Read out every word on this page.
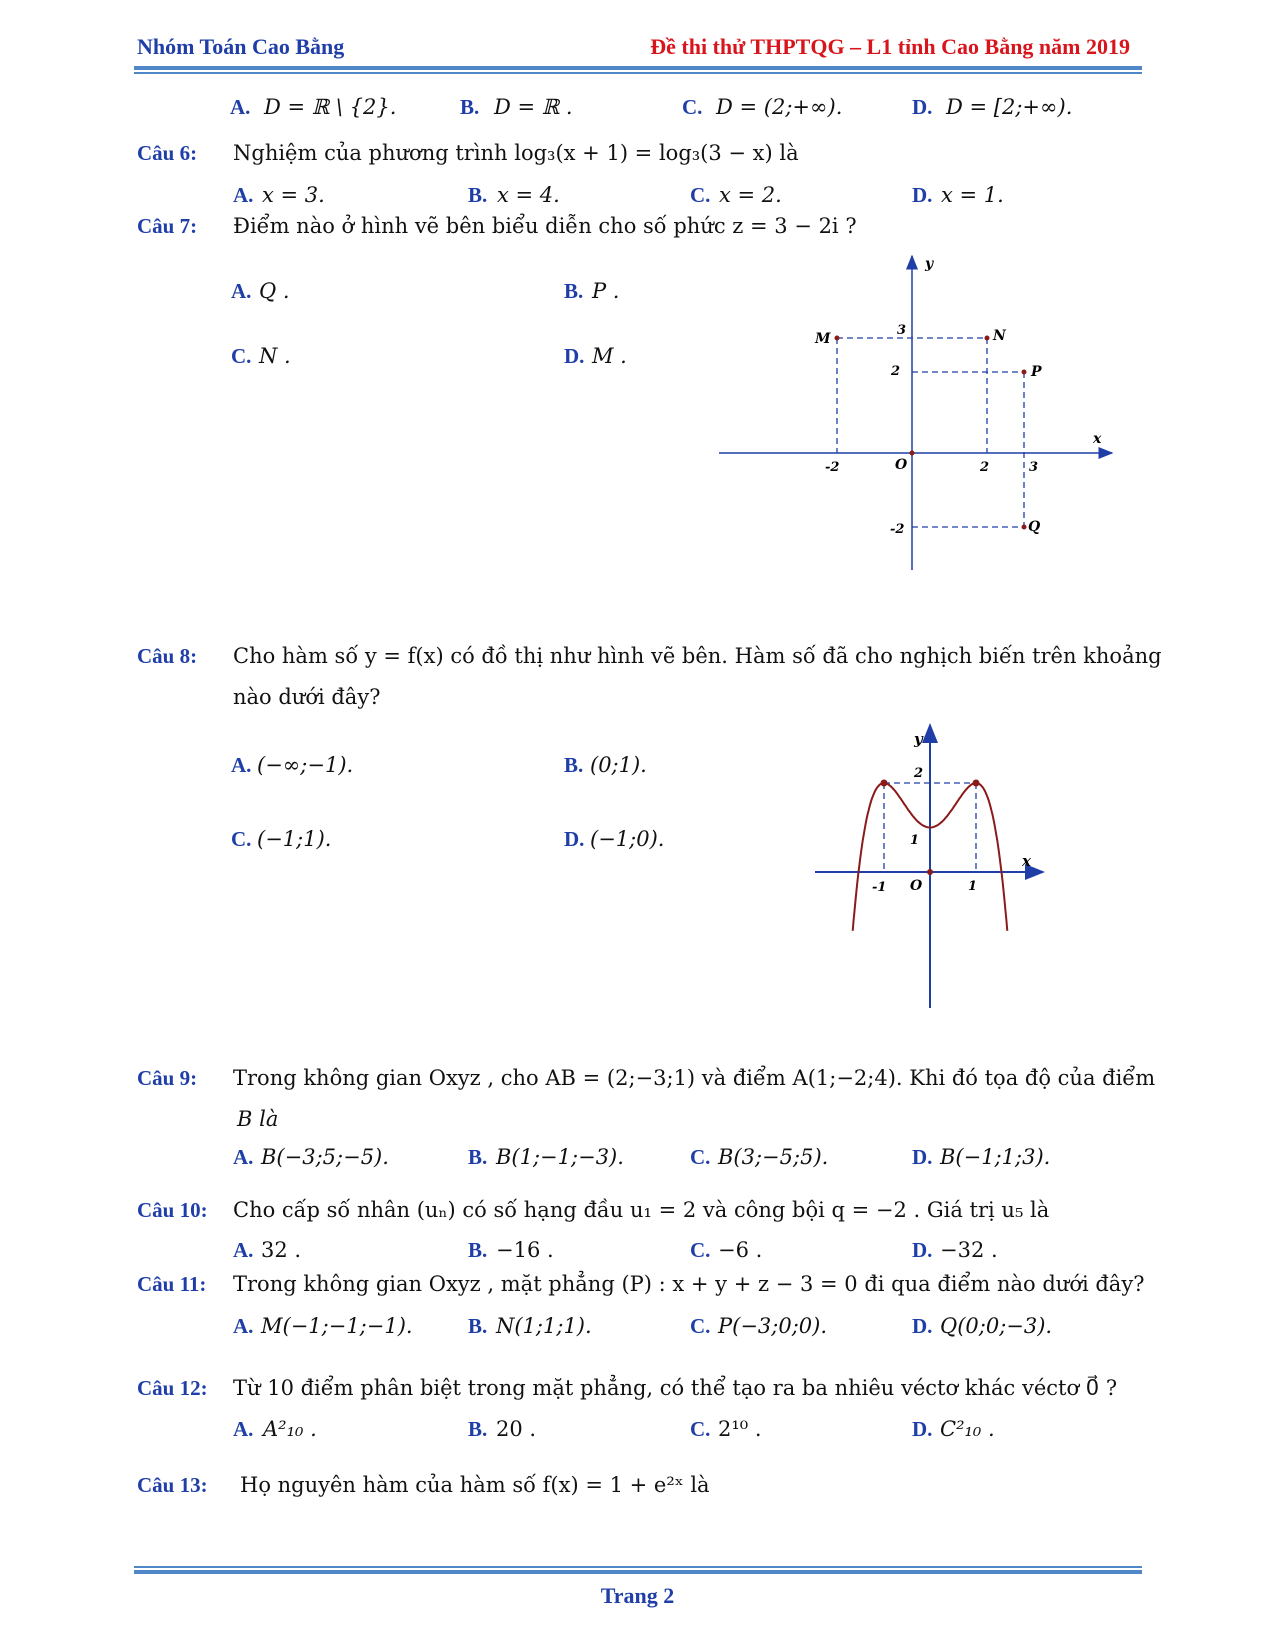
Nhóm Toán Cao Bằng	Đề thi thử THPTQG – L1 tỉnh Cao Bằng năm 2019
A. D = ℝ \ {2}.	B. D = ℝ .	C. D = (2;+∞).	D. D = [2;+∞).
Câu 6: Nghiệm của phương trình log₃(x + 1) = log₃(3 − x) là
A. x = 3.	B. x = 4.	C. x = 2.	D. x = 1.
Câu 7: Điểm nào ở hình vẽ bên biểu diễn cho số phức z = 3 − 2i ?
A. Q .	B. P .
C. N .	D. M .
y
x
O
M	N
P
Q
-2	2	3
3
2
-2
Câu 8: Cho hàm số y = f(x) có đồ thị như hình vẽ bên. Hàm số đã cho nghịch biến trên khoảng
nào dưới đây?
A. (−∞;−1).	B. (0;1).
C. (−1;1).	D. (−1;0).
y
x
O
-1	1
2
1
Câu 9: Trong không gian Oxyz , cho AB = (2;−3;1) và điểm A(1;−2;4). Khi đó tọa độ của điểm
B là
A. B(−3;5;−5).	B. B(1;−1;−3).	C. B(3;−5;5).	D. B(−1;1;3).
Câu 10: Cho cấp số nhân (uₙ) có số hạng đầu u₁ = 2 và công bội q = −2 . Giá trị u₅ là
A. 32 .	B. −16 .	C. −6 .	D. −32 .
Câu 11: Trong không gian Oxyz , mặt phẳng (P) : x + y + z − 3 = 0 đi qua điểm nào dưới đây?
A. M(−1;−1;−1).	B. N(1;1;1).	C. P(−3;0;0).	D. Q(0;0;−3).
Câu 12: Từ 10 điểm phân biệt trong mặt phẳng, có thể tạo ra ba nhiêu véctơ khác véctơ 0⃗ ?
A. A²₁₀ .	B. 20 .	C. 2¹⁰ .	D. C²₁₀ .
Câu 13: Họ nguyên hàm của hàm số f(x) = 1 + e²ˣ là
Trang 2
